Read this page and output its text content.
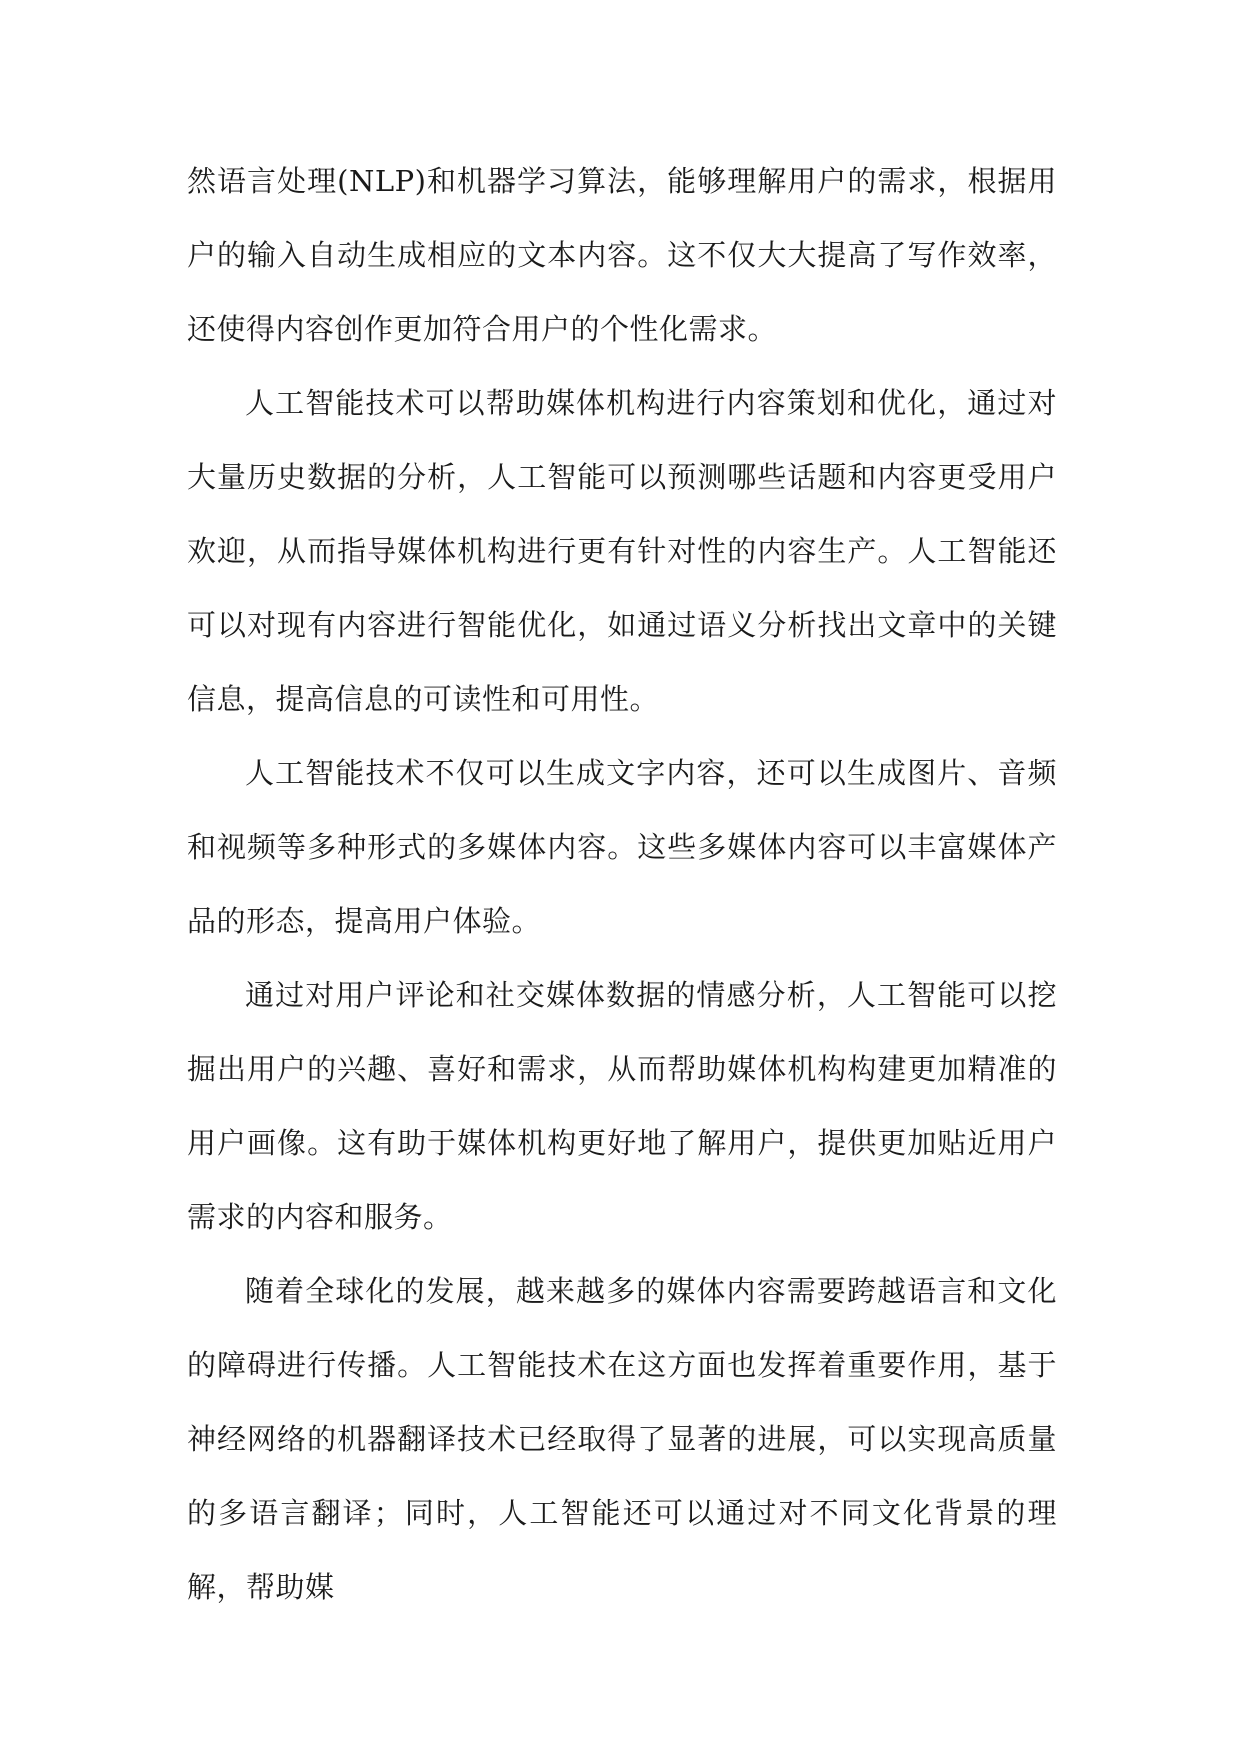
然语言处理(NLP)和机器学习算法，能够理解用户的需求，根据用户的输入自动生成相应的文本内容。这不仅大大提高了写作效率，还使得内容创作更加符合用户的个性化需求。

人工智能技术可以帮助媒体机构进行内容策划和优化，通过对大量历史数据的分析，人工智能可以预测哪些话题和内容更受用户欢迎，从而指导媒体机构进行更有针对性的内容生产。人工智能还可以对现有内容进行智能优化，如通过语义分析找出文章中的关键信息，提高信息的可读性和可用性。

人工智能技术不仅可以生成文字内容，还可以生成图片、音频和视频等多种形式的多媒体内容。这些多媒体内容可以丰富媒体产品的形态，提高用户体验。

通过对用户评论和社交媒体数据的情感分析，人工智能可以挖掘出用户的兴趣、喜好和需求，从而帮助媒体机构构建更加精准的用户画像。这有助于媒体机构更好地了解用户，提供更加贴近用户需求的内容和服务。

随着全球化的发展，越来越多的媒体内容需要跨越语言和文化的障碍进行传播。人工智能技术在这方面也发挥着重要作用，基于神经网络的机器翻译技术已经取得了显著的进展，可以实现高质量的多语言翻译；同时，人工智能还可以通过对不同文化背景的理解，帮助媒
